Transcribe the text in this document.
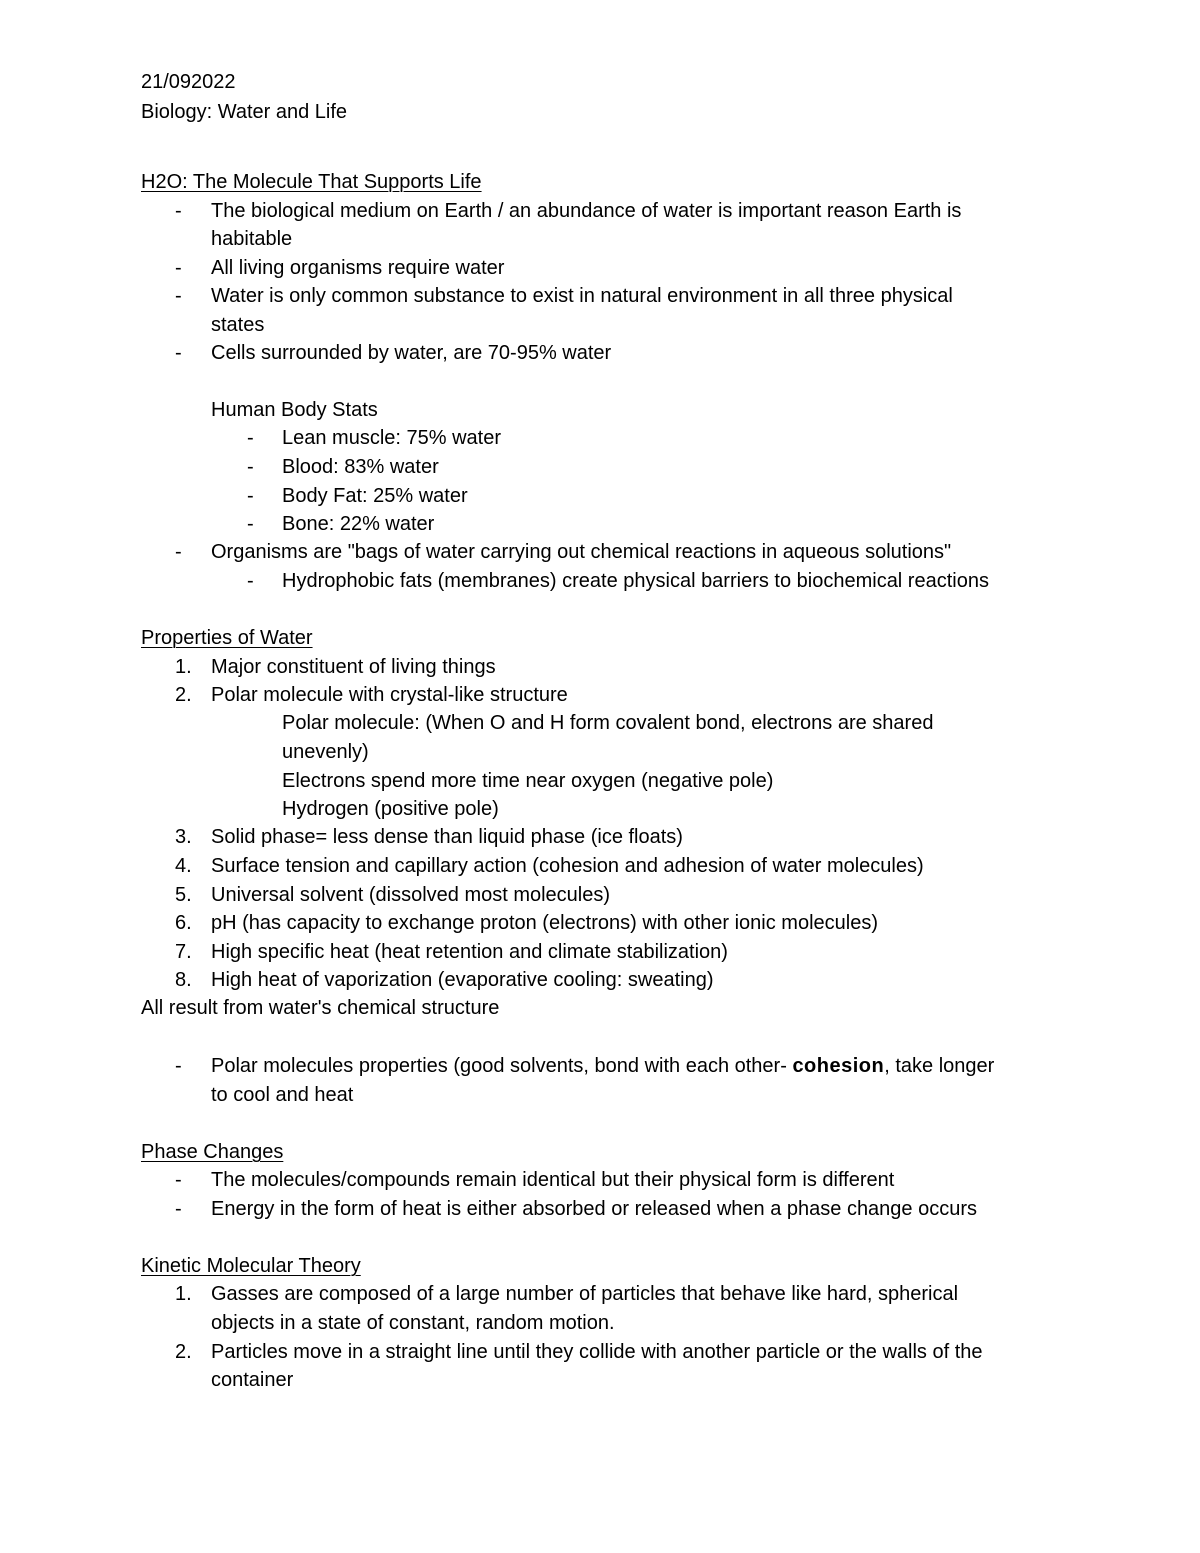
21/092022
Biology: Water and Life
H2O: The Molecule That Supports Life
- The biological medium on Earth / an abundance of water is important reason Earth is
habitable
- All living organisms require water
- Water is only common substance to exist in natural environment in all three physical
states
- Cells surrounded by water, are 70-95% water
Human Body Stats
- Lean muscle: 75% water
- Blood: 83% water
- Body Fat: 25% water
- Bone: 22% water
- Organisms are "bags of water carrying out chemical reactions in aqueous solutions"
- Hydrophobic fats (membranes) create physical barriers to biochemical reactions
Properties of Water
1. Major constituent of living things
2. Polar molecule with crystal-like structure
Polar molecule: (When O and H form covalent bond, electrons are shared
unevenly)
Electrons spend more time near oxygen (negative pole)
Hydrogen (positive pole)
3. Solid phase= less dense than liquid phase (ice floats)
4. Surface tension and capillary action (cohesion and adhesion of water molecules)
5. Universal solvent (dissolved most molecules)
6. pH (has capacity to exchange proton (electrons) with other ionic molecules)
7. High specific heat (heat retention and climate stabilization)
8. High heat of vaporization (evaporative cooling: sweating)
All result from water's chemical structure
- Polar molecules properties (good solvents, bond with each other- cohesion, take longer
to cool and heat
Phase Changes
- The molecules/compounds remain identical but their physical form is different
- Energy in the form of heat is either absorbed or released when a phase change occurs
Kinetic Molecular Theory
1. Gasses are composed of a large number of particles that behave like hard, spherical
objects in a state of constant, random motion.
2. Particles move in a straight line until they collide with another particle or the walls of the
container
